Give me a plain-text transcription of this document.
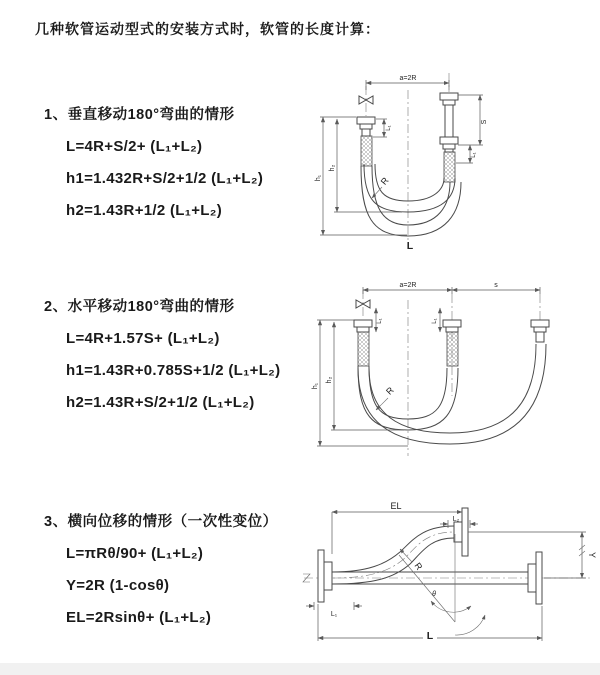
几种软管运动型式的安装方式时，软管的长度计算：
1、垂直移动180°弯曲的情形

L=4R+S/2+ (L₁+L₂)

h1=1.432R+S/2+1/2 (L₁+L₂)

h2=1.43R+1/2 (L₁+L₂)

2、水平移动180°弯曲的情形

L=4R+1.57S+ (L₁+L₂)

h1=1.43R+0.785S+1/2 (L₁+L₂)

h2=1.43R+S/2+1/2 (L₁+L₂)

3、横向位移的情形（一次性变位）

L=πRθ/90+ (L₁+L₂)

Y=2R (1-cosθ)

EL=2Rsinθ+ (L₁+L₂)

a=2R
S
L₁
L₁
h₁
h₂
R
L
a=2R	s
L₁	L₁
h₁
h₂
R
θ
EL
L₂
Y
R
L₁
L
